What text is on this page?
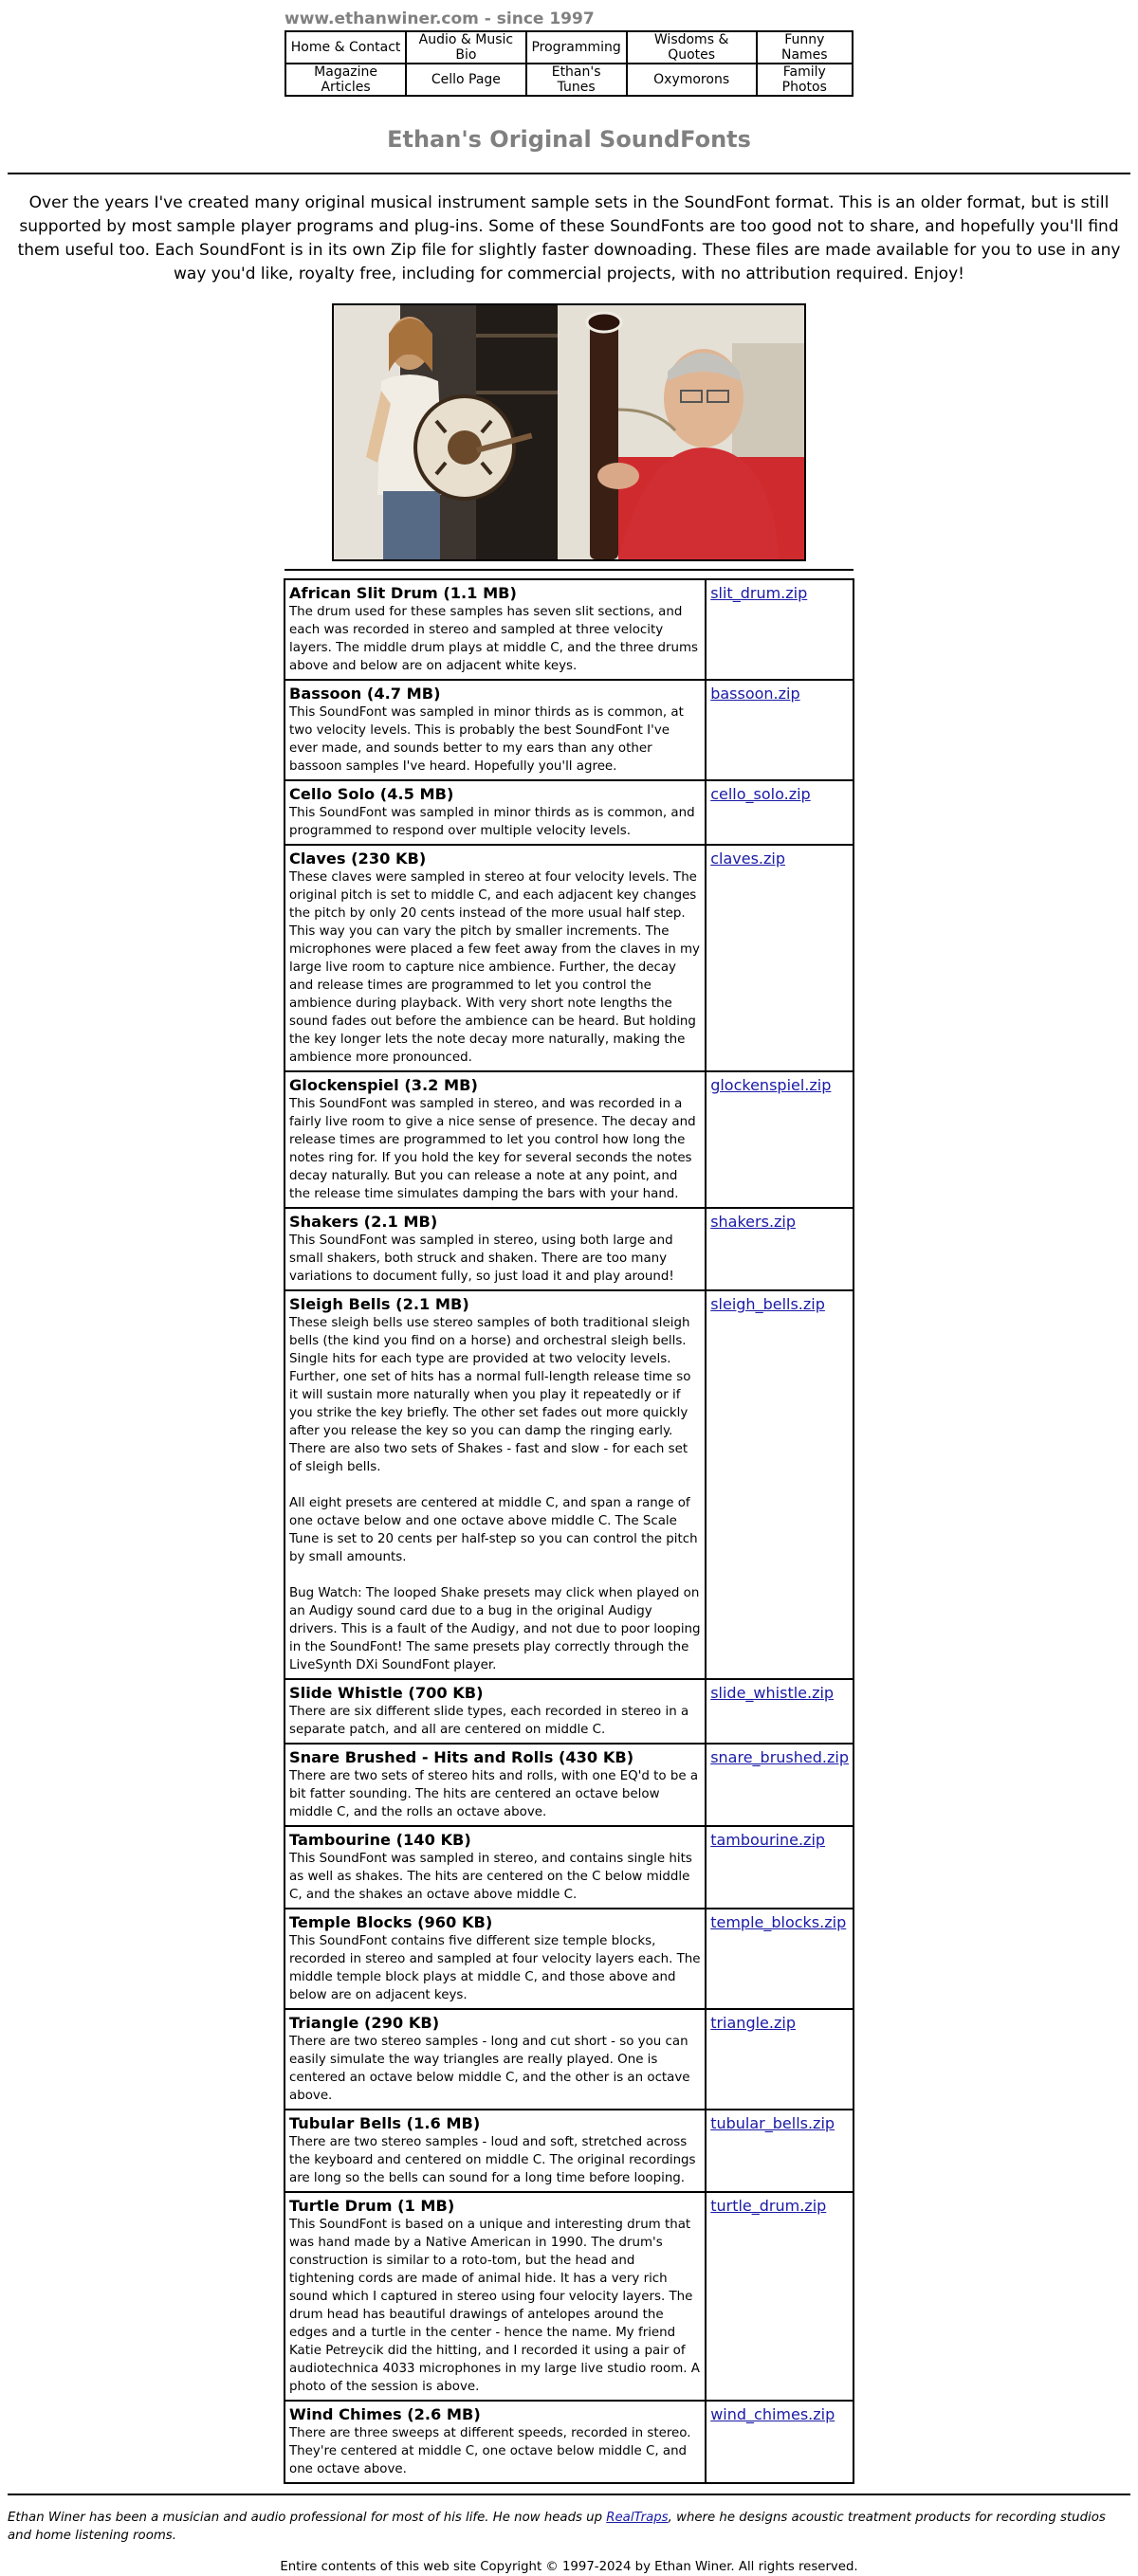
www.ethanwiner.com - since 1997
Home & Contact	Audio & Music Bio	Programming	Wisdoms & Quotes	Funny Names
Magazine Articles	Cello Page	Ethan's Tunes	Oxymorons	Family Photos
Ethan's Original SoundFonts

Over the years I've created many original musical instrument sample sets in the SoundFont format. This is an older format, but is still supported by most sample player programs and plug-ins. Some of these SoundFonts are too good not to share, and hopefully you'll find them useful too. Each SoundFont is in its own Zip file for slightly faster downoading. These files are made available for you to use in any way you'd like, royalty free, including for commercial projects, with no attribution required. Enjoy!

African Slit Drum (1.1 MB)
The drum used for these samples has seven slit sections, and each was recorded in stereo and sampled at three velocity layers. The middle drum plays at middle C, and the three drums above and below are on adjacent white keys.	slit_drum.zip

Bassoon (4.7 MB)
This SoundFont was sampled in minor thirds as is common, at two velocity levels. This is probably the best SoundFont I've ever made, and sounds better to my ears than any other bassoon samples I've heard. Hopefully you'll agree.	bassoon.zip

Cello Solo (4.5 MB)
This SoundFont was sampled in minor thirds as is common, and programmed to respond over multiple velocity levels.	cello_solo.zip

Claves (230 KB)
These claves were sampled in stereo at four velocity levels. The original pitch is set to middle C, and each adjacent key changes the pitch by only 20 cents instead of the more usual half step. This way you can vary the pitch by smaller increments. The microphones were placed a few feet away from the claves in my large live room to capture nice ambience. Further, the decay and release times are programmed to let you control the ambience during playback. With very short note lengths the sound fades out before the ambience can be heard. But holding the key longer lets the note decay more naturally, making the ambience more pronounced.	claves.zip

Glockenspiel (3.2 MB)
This SoundFont was sampled in stereo, and was recorded in a fairly live room to give a nice sense of presence. The decay and release times are programmed to let you control how long the notes ring for. If you hold the key for several seconds the notes decay naturally. But you can release a note at any point, and the release time simulates damping the bars with your hand.	glockenspiel.zip

Shakers (2.1 MB)
This SoundFont was sampled in stereo, using both large and small shakers, both struck and shaken. There are too many variations to document fully, so just load it and play around!	shakers.zip

Sleigh Bells (2.1 MB)
These sleigh bells use stereo samples of both traditional sleigh bells (the kind you find on a horse) and orchestral sleigh bells. Single hits for each type are provided at two velocity levels. Further, one set of hits has a normal full-length release time so it will sustain more naturally when you play it repeatedly or if you strike the key briefly. The other set fades out more quickly after you release the key so you can damp the ringing early. There are also two sets of Shakes - fast and slow - for each set of sleigh bells.
All eight presets are centered at middle C, and span a range of one octave below and one octave above middle C. The Scale Tune is set to 20 cents per half-step so you can control the pitch by small amounts.
Bug Watch: The looped Shake presets may click when played on an Audigy sound card due to a bug in the original Audigy drivers. This is a fault of the Audigy, and not due to poor looping in the SoundFont! The same presets play correctly through the LiveSynth DXi SoundFont player.	sleigh_bells.zip

Slide Whistle (700 KB)
There are six different slide types, each recorded in stereo in a separate patch, and all are centered on middle C.	slide_whistle.zip

Snare Brushed - Hits and Rolls (430 KB)
There are two sets of stereo hits and rolls, with one EQ'd to be a bit fatter sounding. The hits are centered an octave below middle C, and the rolls an octave above.	snare_brushed.zip

Tambourine (140 KB)
This SoundFont was sampled in stereo, and contains single hits as well as shakes. The hits are centered on the C below middle C, and the shakes an octave above middle C.	tambourine.zip

Temple Blocks (960 KB)
This SoundFont contains five different size temple blocks, recorded in stereo and sampled at four velocity layers each. The middle temple block plays at middle C, and those above and below are on adjacent keys.	temple_blocks.zip

Triangle (290 KB)
There are two stereo samples - long and cut short - so you can easily simulate the way triangles are really played. One is centered an octave below middle C, and the other is an octave above.	triangle.zip

Tubular Bells (1.6 MB)
There are two stereo samples - loud and soft, stretched across the keyboard and centered on middle C. The original recordings are long so the bells can sound for a long time before looping.	tubular_bells.zip

Turtle Drum (1 MB)
This SoundFont is based on a unique and interesting drum that was hand made by a Native American in 1990. The drum's construction is similar to a roto-tom, but the head and tightening cords are made of animal hide. It has a very rich sound which I captured in stereo using four velocity layers. The drum head has beautiful drawings of antelopes around the edges and a turtle in the center - hence the name. My friend Katie Petreycik did the hitting, and I recorded it using a pair of audiotechnica 4033 microphones in my large live studio room. A photo of the session is above.	turtle_drum.zip

Wind Chimes (2.6 MB)
There are three sweeps at different speeds, recorded in stereo. They're centered at middle C, one octave below middle C, and one octave above.	wind_chimes.zip

Ethan Winer has been a musician and audio professional for most of his life. He now heads up RealTraps, where he designs acoustic treatment products for recording studios and home listening rooms.

Entire contents of this web site Copyright © 1997-2024 by Ethan Winer. All rights reserved.
